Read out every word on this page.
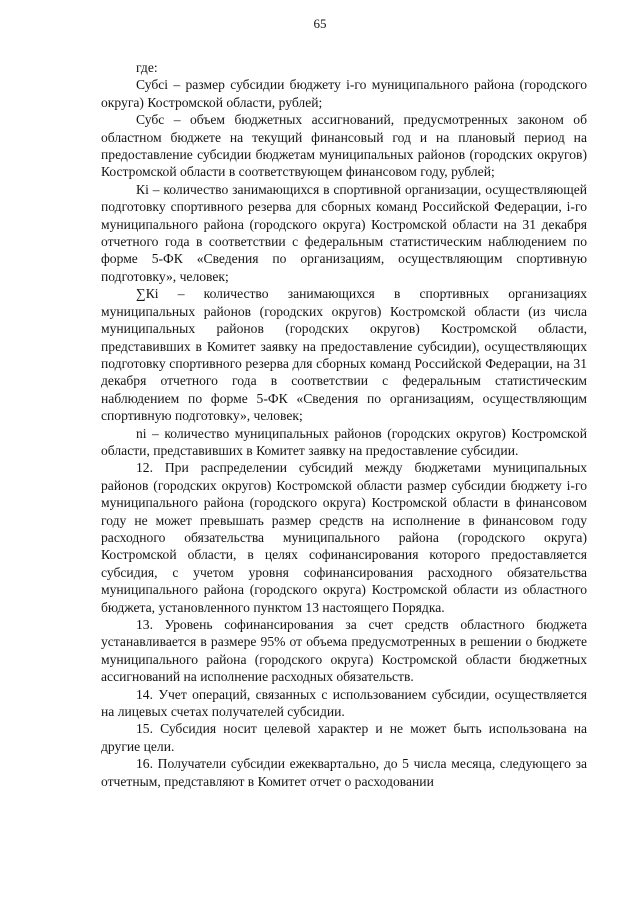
65

где:

Субсi – размер субсидии бюджету i-го муниципального района (городского округа) Костромской области, рублей;

Субс – объем бюджетных ассигнований, предусмотренных законом об областном бюджете на текущий финансовый год и на плановый период на предоставление субсидии бюджетам муниципальных районов (городских округов) Костромской области в соответствующем финансовом году, рублей;

Кi – количество занимающихся в спортивной организации, осуществляющей подготовку спортивного резерва для сборных команд Российской Федерации, i-го муниципального района (городского округа) Костромской области на 31 декабря отчетного года в соответствии с федеральным статистическим наблюдением по форме 5-ФК «Сведения по организациям, осуществляющим спортивную подготовку», человек;

∑Кi – количество занимающихся в спортивных организациях муниципальных районов (городских округов) Костромской области (из числа муниципальных районов (городских округов) Костромской области, представивших в Комитет заявку на предоставление субсидии), осуществляющих подготовку спортивного резерва для сборных команд Российской Федерации, на 31 декабря отчетного года в соответствии с федеральным статистическим наблюдением по форме 5-ФК «Сведения по организациям, осуществляющим спортивную подготовку», человек;

ni – количество муниципальных районов (городских округов) Костромской области, представивших в Комитет заявку на предоставление субсидии.

12. При распределении субсидий между бюджетами муниципальных районов (городских округов) Костромской области размер субсидии бюджету i-го муниципального района (городского округа) Костромской области в финансовом году не может превышать размер средств на исполнение в финансовом году расходного обязательства муниципального района (городского округа) Костромской области, в целях софинансирования которого предоставляется субсидия, с учетом уровня софинансирования расходного обязательства муниципального района (городского округа) Костромской области из областного бюджета, установленного пунктом 13 настоящего Порядка.

13. Уровень софинансирования за счет средств областного бюджета устанавливается в размере 95% от объема предусмотренных в решении о бюджете муниципального района (городского округа) Костромской области бюджетных ассигнований на исполнение расходных обязательств.

14. Учет операций, связанных с использованием субсидии, осуществляется на лицевых счетах получателей субсидии.

15. Субсидия носит целевой характер и не может быть использована на другие цели.

16. Получатели субсидии ежеквартально, до 5 числа месяца, следующего за отчетным, представляют в Комитет отчет о расходовании
